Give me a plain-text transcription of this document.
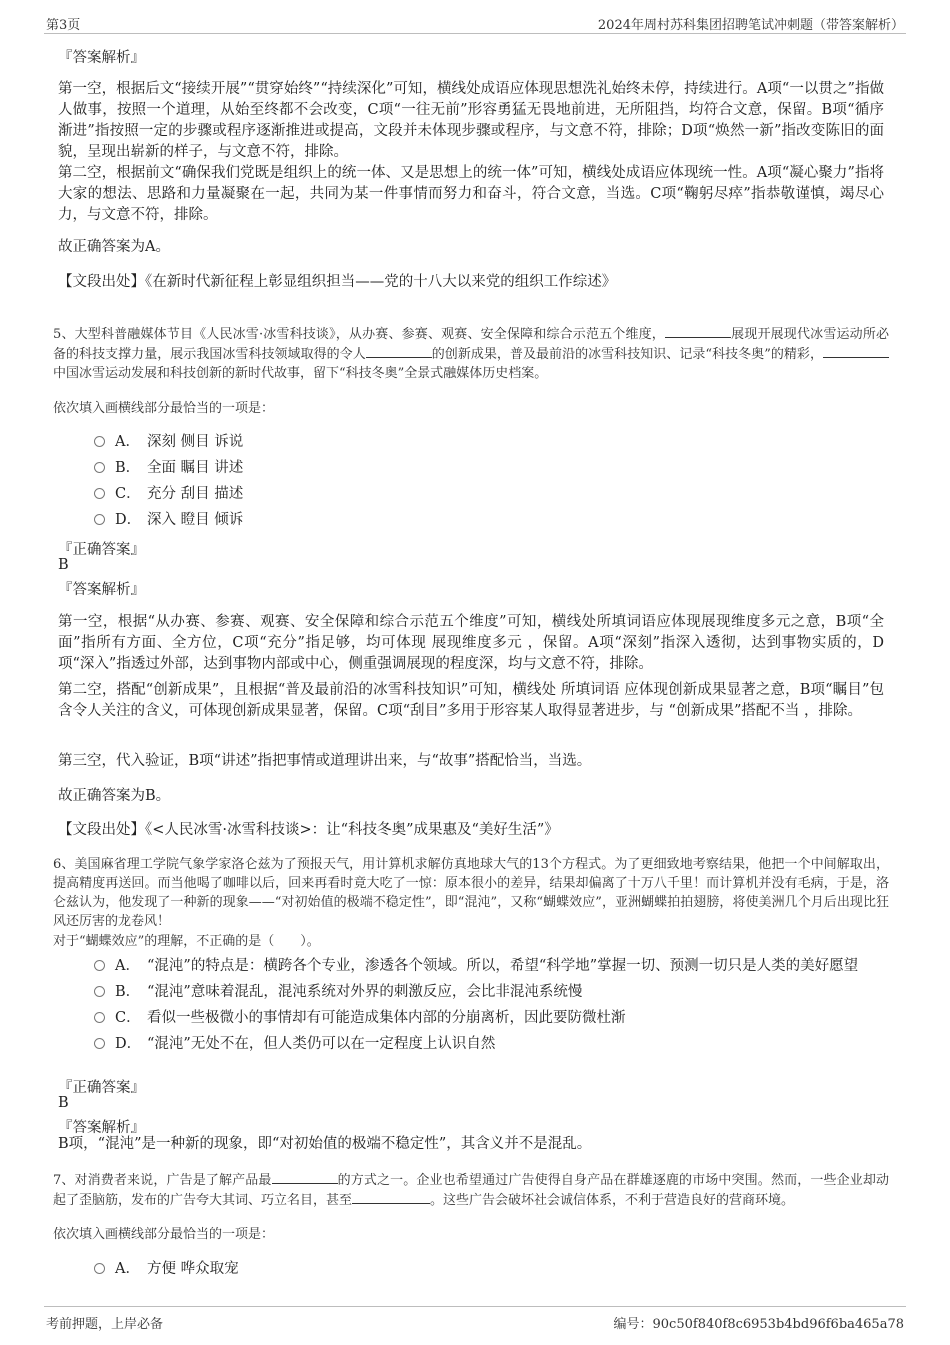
第3页	2024年周村苏科集团招聘笔试冲刺题（带答案解析）
『答案解析』
第一空，根据后文“接续开展”“贯穿始终”“持续深化”可知，横线处成语应体现思想洗礼始终未停，持续进行。A项“一以贯之”指做人做事，按照一个道理，从始至终都不会改变，C项“一往无前”形容勇猛无畏地前进，无所阻挡，均符合文意，保留。B项“循序渐进”指按照一定的步骤或程序逐渐推进或提高，文段并未体现步骤或程序，与文意不符，排除；D项“焕然一新”指改变陈旧的面貌，呈现出崭新的样子，与文意不符，排除。
第二空，根据前文“确保我们党既是组织上的统一体、又是思想上的统一体”可知，横线处成语应体现统一性。A项“凝心聚力”指将大家的想法、思路和力量凝聚在一起，共同为某一件事情而努力和奋斗，符合文意，当选。C项“鞠躬尽瘁”指恭敬谨慎，竭尽心力，与文意不符，排除。
故正确答案为A。
【文段出处】《在新时代新征程上彰显组织担当——党的十八大以来党的组织工作综述》
5、大型科普融媒体节目《人民冰雪·冰雪科技谈》，从办赛、参赛、观赛、安全保障和综合示范五个维度，	展现开展现代冰雪运动所必备的科技支撑力量，展示我国冰雪科技领域取得的令人	的创新成果，普及最前沿的冰雪科技知识、记录“科技冬奥”的精彩，中国冰雪运动发展和科技创新的新时代故事，留下“科技冬奥”全景式融媒体历史档案。
依次填入画横线部分最恰当的一项是：
A． 深刻 侧目 诉说
B． 全面 瞩目 讲述
C． 充分 刮目 描述
D． 深入 瞪目 倾诉
『正确答案』
B
『答案解析』
第一空，根据“从办赛、参赛、观赛、安全保障和综合示范五个维度”可知，横线处所填词语应体现展现维度多元之意，B项“全面”指所有方面、全方位，C项“充分”指足够，均可体现 展现维度多元 ，保留。A项“深刻”指深入透彻，达到事物实质的，D项“深入”指透过外部，达到事物内部或中心，侧重强调展现的程度深，均与文意不符，排除。
第二空，搭配“创新成果”，且根据“普及最前沿的冰雪科技知识”可知，横线处 所填词语 应体现创新成果显著之意，B项“瞩目”包含令人关注的含义，可体现创新成果显著，保留。C项“刮目”多用于形容某人取得显著进步，与 “创新成果”搭配不当 ，排除。
第三空，代入验证，B项“讲述”指把事情或道理讲出来，与“故事”搭配恰当，当选。
故正确答案为B。
【文段出处】《<人民冰雪·冰雪科技谈>：让“科技冬奥”成果惠及“美好生活”》
6、美国麻省理工学院气象学家洛仑兹为了预报天气，用计算机求解仿真地球大气的13个方程式。为了更细致地考察结果，他把一个中间解取出，提高精度再送回。而当他喝了咖啡以后，回来再看时竟大吃了一惊：原本很小的差异，结果却偏离了十万八千里！而计算机并没有毛病，于是，洛仑兹认为，他发现了一种新的现象——“对初始值的极端不稳定性”，即“混沌”，又称“蝴蝶效应”，亚洲蝴蝶拍拍翅膀，将使美洲几个月后出现比狂风还厉害的龙卷风！
对于“蝴蝶效应”的理解，不正确的是（　　）。
A． “混沌”的特点是：横跨各个专业，渗透各个领域。所以，希望“科学地”掌握一切、预测一切只是人类的美好愿望
B． “混沌”意味着混乱，混沌系统对外界的刺激反应，会比非混沌系统慢
C． 看似一些极微小的事情却有可能造成集体内部的分崩离析，因此要防微杜渐
D． “混沌”无处不在，但人类仍可以在一定程度上认识自然
『正确答案』
B
『答案解析』
B项，“混沌”是一种新的现象，即“对初始值的极端不稳定性”，其含义并不是混乱。
7、对消费者来说，广告是了解产品最	的方式之一。企业也希望通过广告使得自身产品在群雄逐鹿的市场中突围。然而，一些企业却动起了歪脑筋，发布的广告夸大其词、巧立名目，甚至	。这些广告会破坏社会诚信体系，不利于营造良好的营商环境。
依次填入画横线部分最恰当的一项是：
A． 方便 哗众取宠
考前押题，上岸必备	编号：90c50f840f8c6953b4bd96f6ba465a78
